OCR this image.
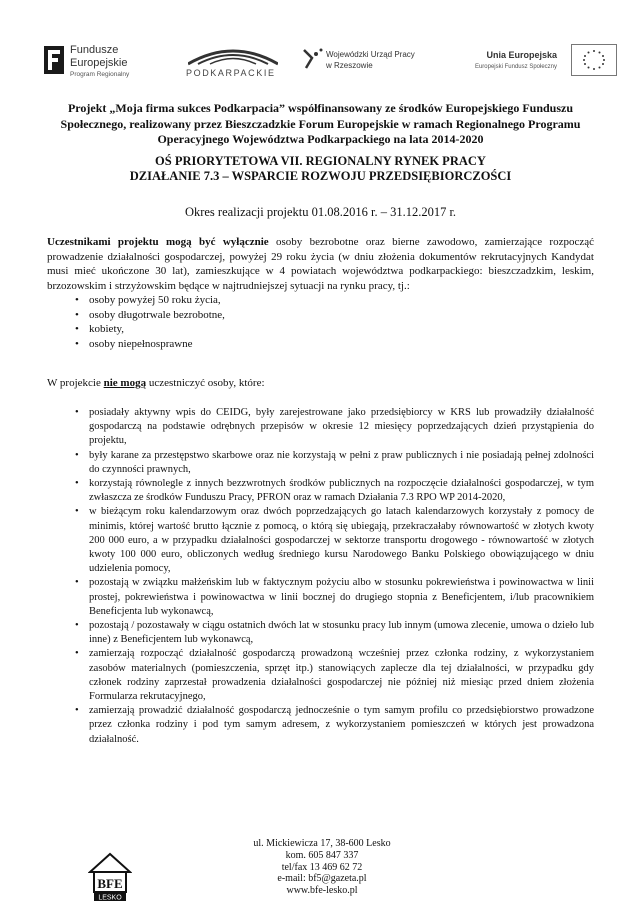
Fundusze
Europejskie
Program Regionalny	PODKARPACKIE
Wojewódzki Urząd Pracy
w Rzeszowie
Unia Europejska
Europejski Fundusz Społeczny
Projekt „Moja firma sukces Podkarpacia” współfinansowany ze środków Europejskiego Funduszu Społecznego, realizowany przez Bieszczadzkie Forum Europejskie w ramach Regionalnego Programu Operacyjnego Województwa Podkarpackiego na lata 2014-2020
OŚ PRIORYTETOWA VII. REGIONALNY RYNEK PRACY
DZIAŁANIE 7.3 – WSPARCIE ROZWOJU PRZEDSIĘBIORCZOŚCI
Okres realizacji projektu 01.08.2016 r. – 31.12.2017 r.

Uczestnikami projektu mogą być wyłącznie osoby bezrobotne oraz bierne zawodowo, zamierzające rozpocząć prowadzenie działalności gospodarczej, powyżej 29 roku życia (w dniu złożenia dokumentów rekrutacyjnych Kandydat musi mieć ukończone 30 lat), zamieszkujące w 4 powiatach województwa podkarpackiego: bieszczadzkim, leskim, brzozowskim i strzyżowskim będące w najtrudniejszej sytuacji na rynku pracy, tj.:

• osoby powyżej 50 roku życia,
• osoby długotrwale bezrobotne,
• kobiety,
• osoby niepełnosprawne
W projekcie nie mogą uczestniczyć osoby, które:
• posiadały aktywny wpis do CEIDG, były zarejestrowane jako przedsiębiorcy w KRS lub prowadziły działalność gospodarczą na podstawie odrębnych przepisów w okresie 12 miesięcy poprzedzających dzień przystąpienia do projektu,
• były karane za przestępstwo skarbowe oraz nie korzystają w pełni z praw publicznych i nie posiadają pełnej zdolności do czynności prawnych,
• korzystają równolegle z innych bezzwrotnych środków publicznych na rozpoczęcie działalności gospodarczej, w tym zwłaszcza ze środków Funduszu Pracy, PFRON oraz w ramach Działania 7.3 RPO WP 2014-2020,
• w bieżącym roku kalendarzowym oraz dwóch poprzedzających go latach kalendarzowych korzystały z pomocy de minimis, której wartość brutto łącznie z pomocą, o którą się ubiegają, przekraczałaby równowartość w złotych kwoty 200 000 euro, a w przypadku działalności gospodarczej w sektorze transportu drogowego - równowartość w złotych kwoty 100 000 euro, obliczonych według średniego kursu Narodowego Banku Polskiego obowiązującego w dniu udzielenia pomocy,
• pozostają w związku małżeńskim lub w faktycznym pożyciu albo w stosunku pokrewieństwa i powinowactwa w linii prostej, pokrewieństwa i powinowactwa w linii bocznej do drugiego stopnia z Beneficjentem, i/lub pracownikiem Beneficjenta lub wykonawcą,
• pozostają / pozostawały w ciągu ostatnich dwóch lat w stosunku pracy lub innym (umowa zlecenie, umowa o dzieło lub inne) z Beneficjentem lub wykonawcą,
• zamierzają rozpocząć działalność gospodarczą prowadzoną wcześniej przez członka rodziny, z wykorzystaniem zasobów materialnych (pomieszczenia, sprzęt itp.) stanowiących zaplecze dla tej działalności, w przypadku gdy członek rodziny zaprzestał prowadzenia działalności gospodarczej nie później niż miesiąc przed dniem złożenia Formularza rekrutacyjnego,
• zamierzają prowadzić działalność gospodarczą jednocześnie o tym samym profilu co przedsiębiorstwo prowadzone przez członka rodziny i pod tym samym adresem, z wykorzystaniem pomieszczeń w których jest prowadzona działalność.
BFE
LESKO
ul. Mickiewicza 17, 38-600 Lesko
kom. 605 847 337
tel/fax 13 469 62 72
e-mail: bf5@gazeta.pl
www.bfe-lesko.pl
